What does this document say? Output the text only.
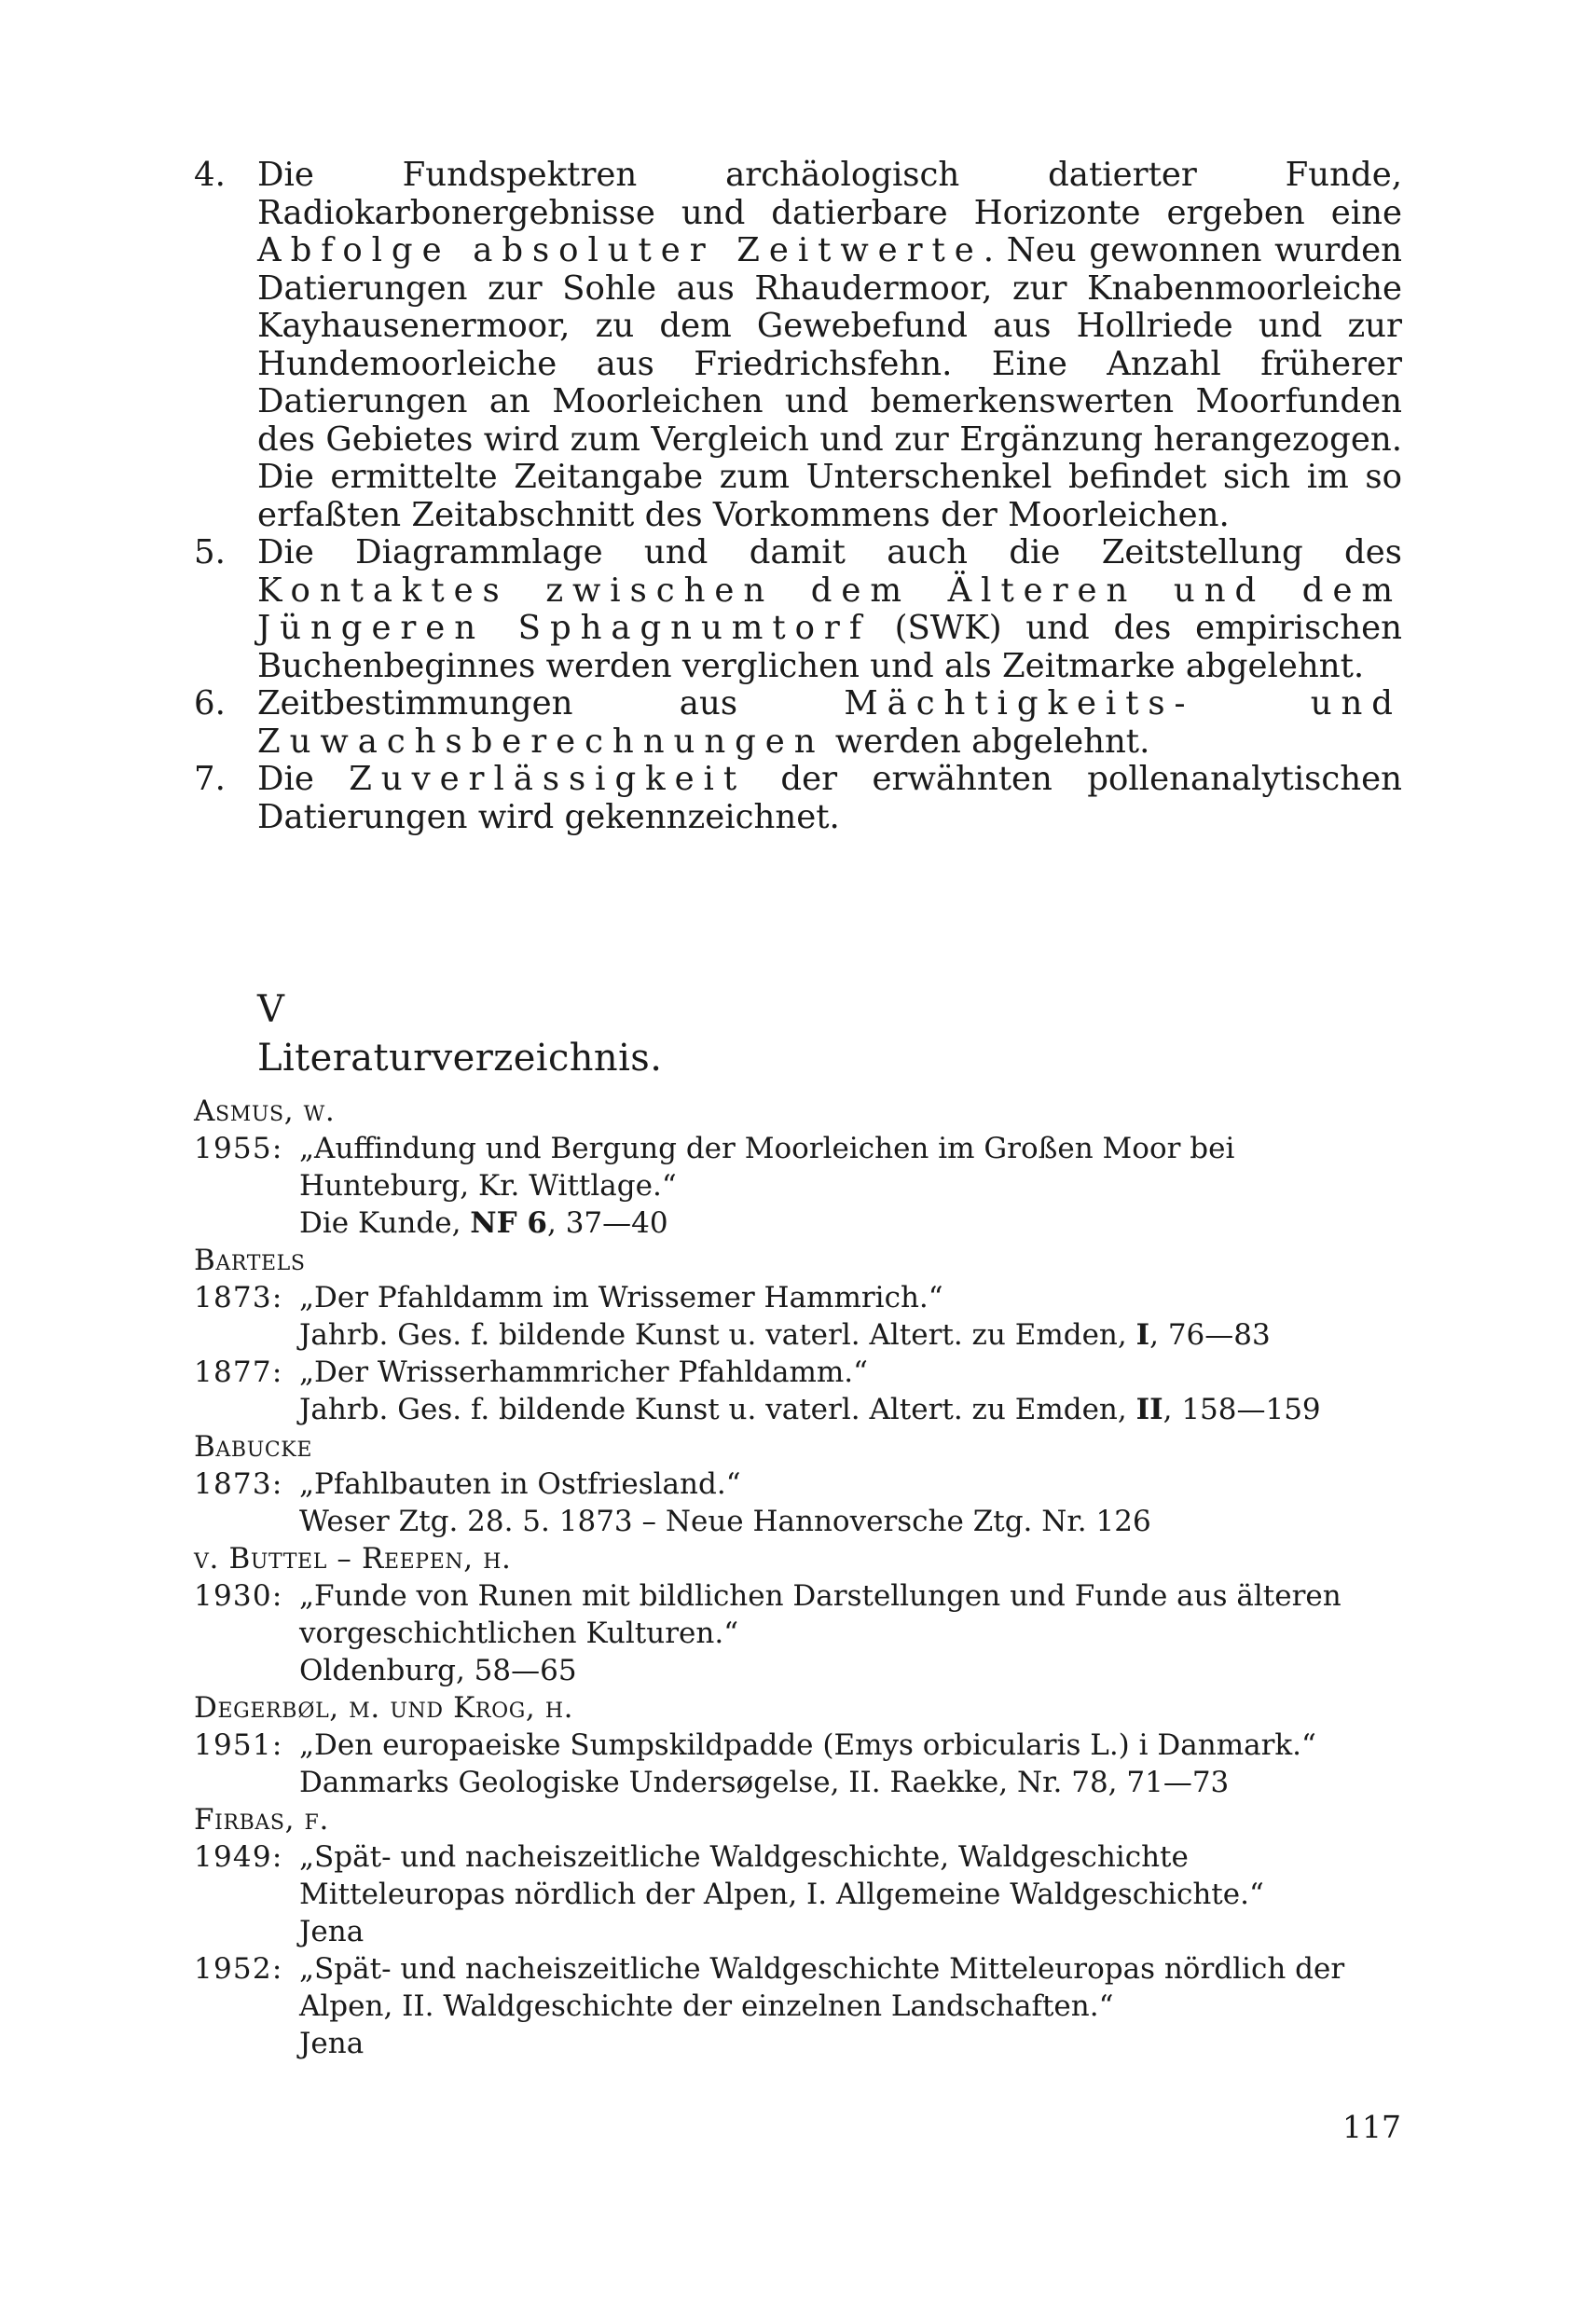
4. Die Fundspektren archäologisch datierter Funde, Radiokarbonergebnisse und datierbare Horizonte ergeben eine Abfolge absoluter Zeitwerte. Neu gewonnen wurden Datierungen zur Sohle aus Rhaudermoor, zur Knabenmoorleiche Kayhausenermoor, zu dem Gewebefund aus Hollriede und zur Hundemoorleiche aus Friedrichsfehn. Eine Anzahl früherer Datierungen an Moorleichen und bemerkenswerten Moorfunden des Gebietes wird zum Vergleich und zur Ergänzung herangezogen. Die ermittelte Zeitangabe zum Unterschenkel befindet sich im so erfaßten Zeitabschnitt des Vorkommens der Moorleichen.
5. Die Diagrammlage und damit auch die Zeitstellung des Kontaktes zwischen dem Älteren und dem Jüngeren Sphagnumtorf (SWK) und des empirischen Buchenbeginnes werden verglichen und als Zeitmarke abgelehnt.
6. Zeitbestimmungen aus Mächtigkeits- und Zuwachsberechnungen werden abgelehnt.
7. Die Zuverlässigkeit der erwähnten pollenanalytischen Datierungen wird gekennzeichnet.
V
Literaturverzeichnis.
Asmus, w.
1955: „Auffindung und Bergung der Moorleichen im Großen Moor bei Hunteburg, Kr. Wittlage.“
Die Kunde, NF 6, 37—40
Bartels
1873: „Der Pfahldamm im Wrissemer Hammrich.“
Jahrb. Ges. f. bildende Kunst u. vaterl. Altert. zu Emden, I, 76—83
1877: „Der Wrisserhammricher Pfahldamm.“
Jahrb. Ges. f. bildende Kunst u. vaterl. Altert. zu Emden, II, 158—159
Babucke
1873: „Pfahlbauten in Ostfriesland.“
Weser Ztg. 28. 5. 1873 – Neue Hannoversche Ztg. Nr. 126
v. Buttel – Reepen, h.
1930: „Funde von Runen mit bildlichen Darstellungen und Funde aus älteren vorgeschichtlichen Kulturen.“
Oldenburg, 58—65
Degerbøl, m. und Krog, h.
1951: „Den europaeiske Sumpskildpadde (Emys orbicularis L.) i Danmark.“
Danmarks Geologiske Undersøgelse, II. Raekke, Nr. 78, 71—73
Firbas, f.
1949: „Spät- und nacheiszeitliche Waldgeschichte, Waldgeschichte Mitteleuropas nördlich der Alpen, I. Allgemeine Waldgeschichte.“
Jena
1952: „Spät- und nacheiszeitliche Waldgeschichte Mitteleuropas nördlich der Alpen, II. Waldgeschichte der einzelnen Landschaften.“
Jena
117
